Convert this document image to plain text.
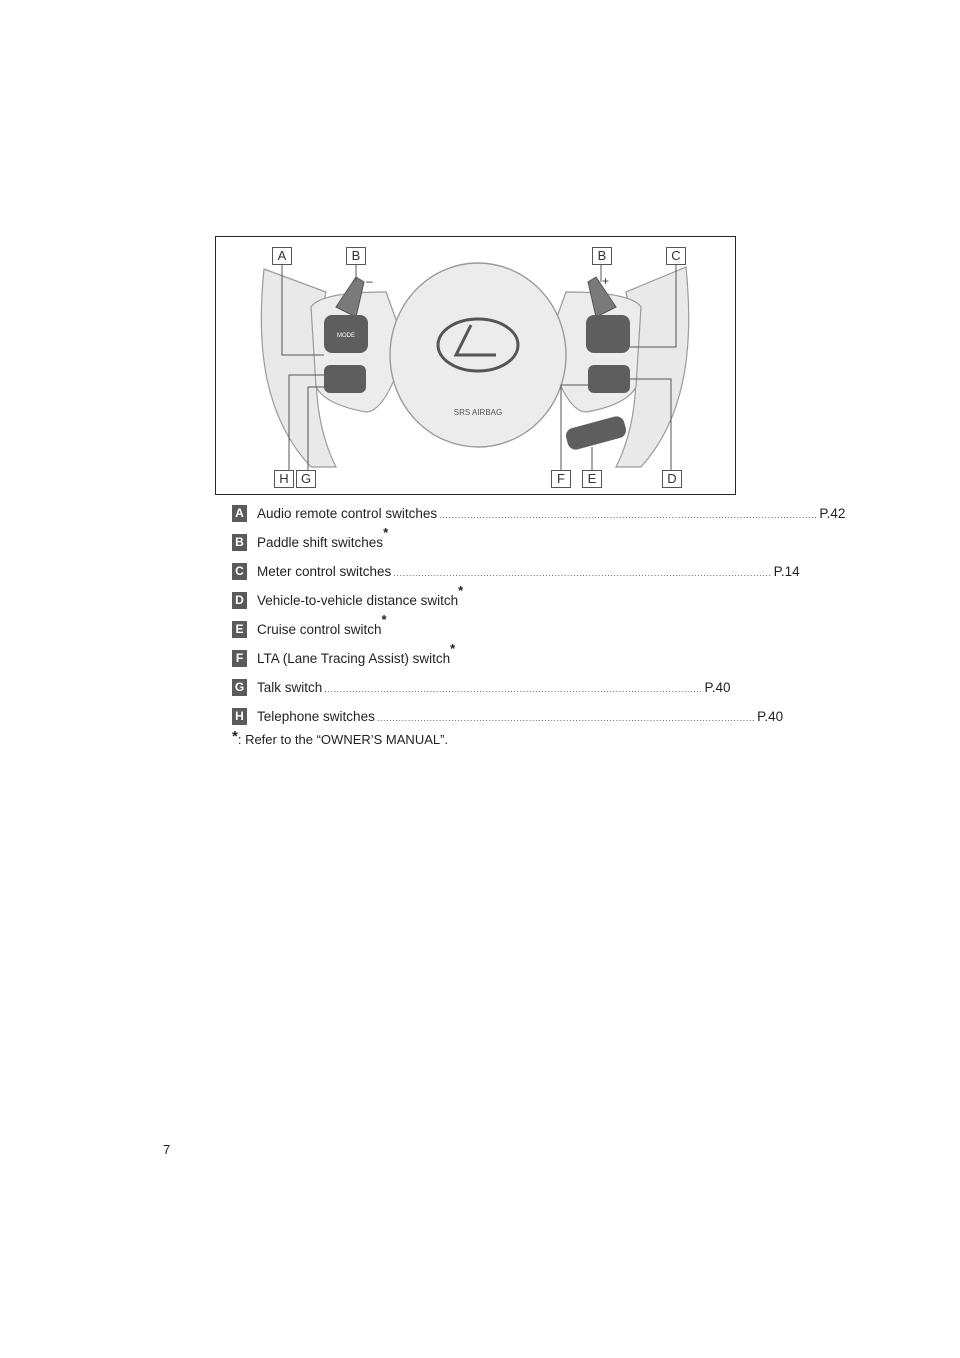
SRS AIRBAG
MODE
–	+
A	B	B	C
H G	F	E	D
A Audio remote control switches .......................................................................................................................... P.42
B Paddle shift switches
*
C Meter control switches .......................................................................................................................... P.14
D Vehicle-to-vehicle distance switch
*
E Cruise control switch
*
F LTA (Lane Tracing Assist) switch
*
G Talk switch .......................................................................................................................... P.40
H Telephone switches .......................................................................................................................... P.40
*: Refer to the “OWNER’S MANUAL”.
7
